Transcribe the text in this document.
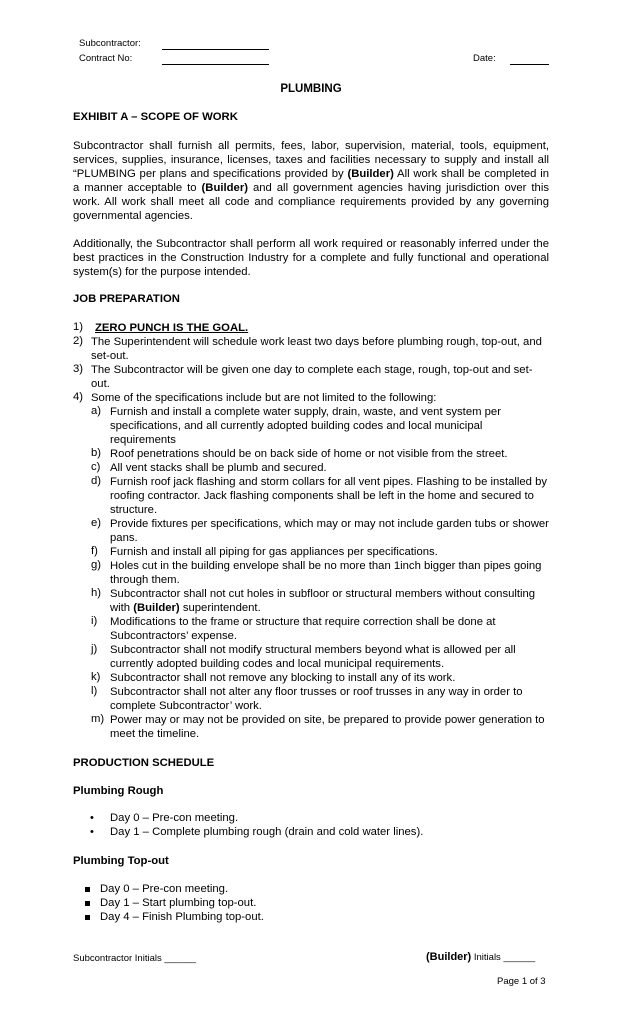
Subcontractor:
Contract No:	Date:
PLUMBING
EXHIBIT A – SCOPE OF WORK
Subcontractor shall furnish all permits, fees, labor, supervision, material, tools, equipment, services, supplies, insurance, licenses, taxes and facilities necessary to supply and install all “PLUMBING per plans and specifications provided by (Builder) All work shall be completed in a manner acceptable to (Builder) and all government agencies having jurisdiction over this work. All work shall meet all code and compliance requirements provided by any governing governmental agencies.
Additionally, the Subcontractor shall perform all work required or reasonably inferred under the best practices in the Construction Industry for a complete and fully functional and operational system(s) for the purpose intended.
JOB PREPARATION
1) ZERO PUNCH IS THE GOAL.
2) The Superintendent will schedule work least two days before plumbing rough, top-out, and set-out.
3) The Subcontractor will be given one day to complete each stage, rough, top-out and set-out.
4) Some of the specifications include but are not limited to the following:
a) Furnish and install a complete water supply, drain, waste, and vent system per specifications, and all currently adopted building codes and local municipal requirements
b) Roof penetrations should be on back side of home or not visible from the street.
c) All vent stacks shall be plumb and secured.
d) Furnish roof jack flashing and storm collars for all vent pipes. Flashing to be installed by roofing contractor. Jack flashing components shall be left in the home and secured to structure.
e) Provide fixtures per specifications, which may or may not include garden tubs or shower pans.
f) Furnish and install all piping for gas appliances per specifications.
g) Holes cut in the building envelope shall be no more than 1inch bigger than pipes going through them.
h) Subcontractor shall not cut holes in subfloor or structural members without consulting with (Builder) superintendent.
i) Modifications to the frame or structure that require correction shall be done at Subcontractors’ expense.
j) Subcontractor shall not modify structural members beyond what is allowed per all currently adopted building codes and local municipal requirements.
k) Subcontractor shall not remove any blocking to install any of its work.
l) Subcontractor shall not alter any floor trusses or roof trusses in any way in order to complete Subcontractor’ work.
m) Power may or may not be provided on site, be prepared to provide power generation to meet the timeline.
PRODUCTION SCHEDULE
Plumbing Rough
• Day 0 – Pre-con meeting.
• Day 1 – Complete plumbing rough (drain and cold water lines).
Plumbing Top-out
Day 0 – Pre-con meeting.
Day 1 – Start plumbing top-out.
Day 4 – Finish Plumbing top-out.
Subcontractor Initials ______	(Builder) Initials ______
Page 1 of 3
